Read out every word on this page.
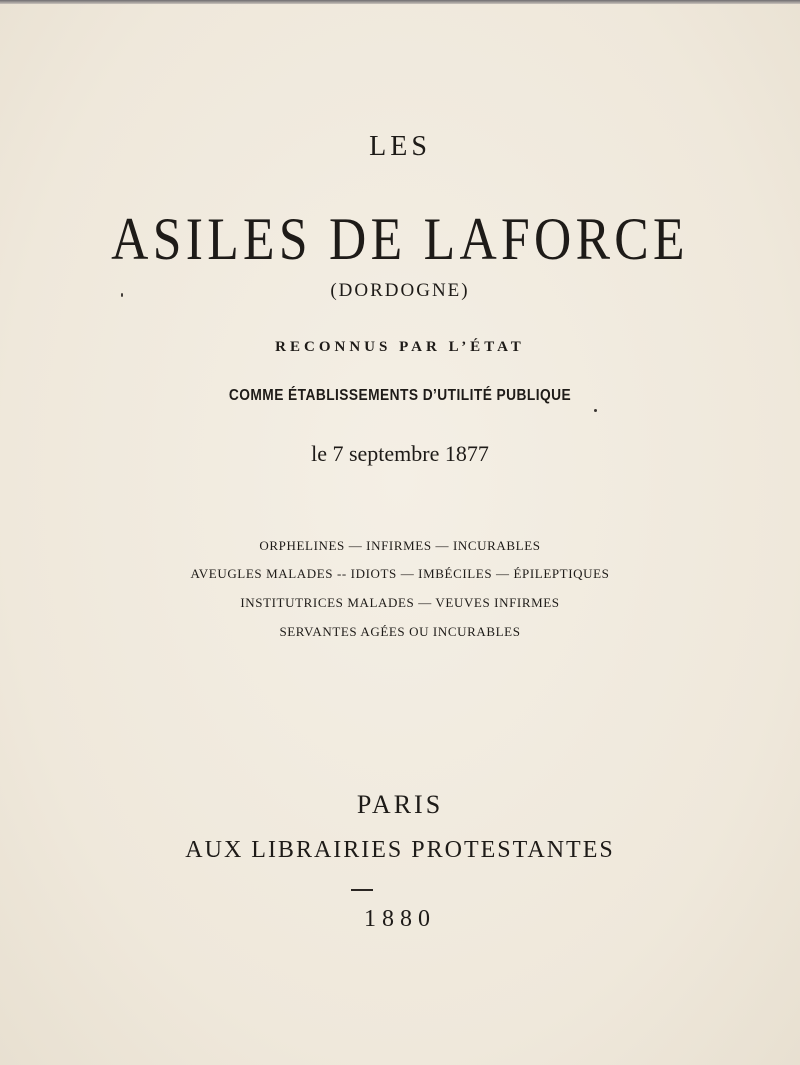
LES
ASILES DE LAFORCE
(DORDOGNE)
RECONNUS PAR L’ÉTAT
COMME ÉTABLISSEMENTS D’UTILITÉ PUBLIQUE
le 7 septembre 1877
ORPHELINES — INFIRMES — INCURABLES
AVEUGLES MALADES -- IDIOTS — IMBÉCILES — ÉPILEPTIQUES
INSTITUTRICES MALADES — VEUVES INFIRMES
SERVANTES AGÉES OU INCURABLES
PARIS
AUX LIBRAIRIES PROTESTANTES
1880
